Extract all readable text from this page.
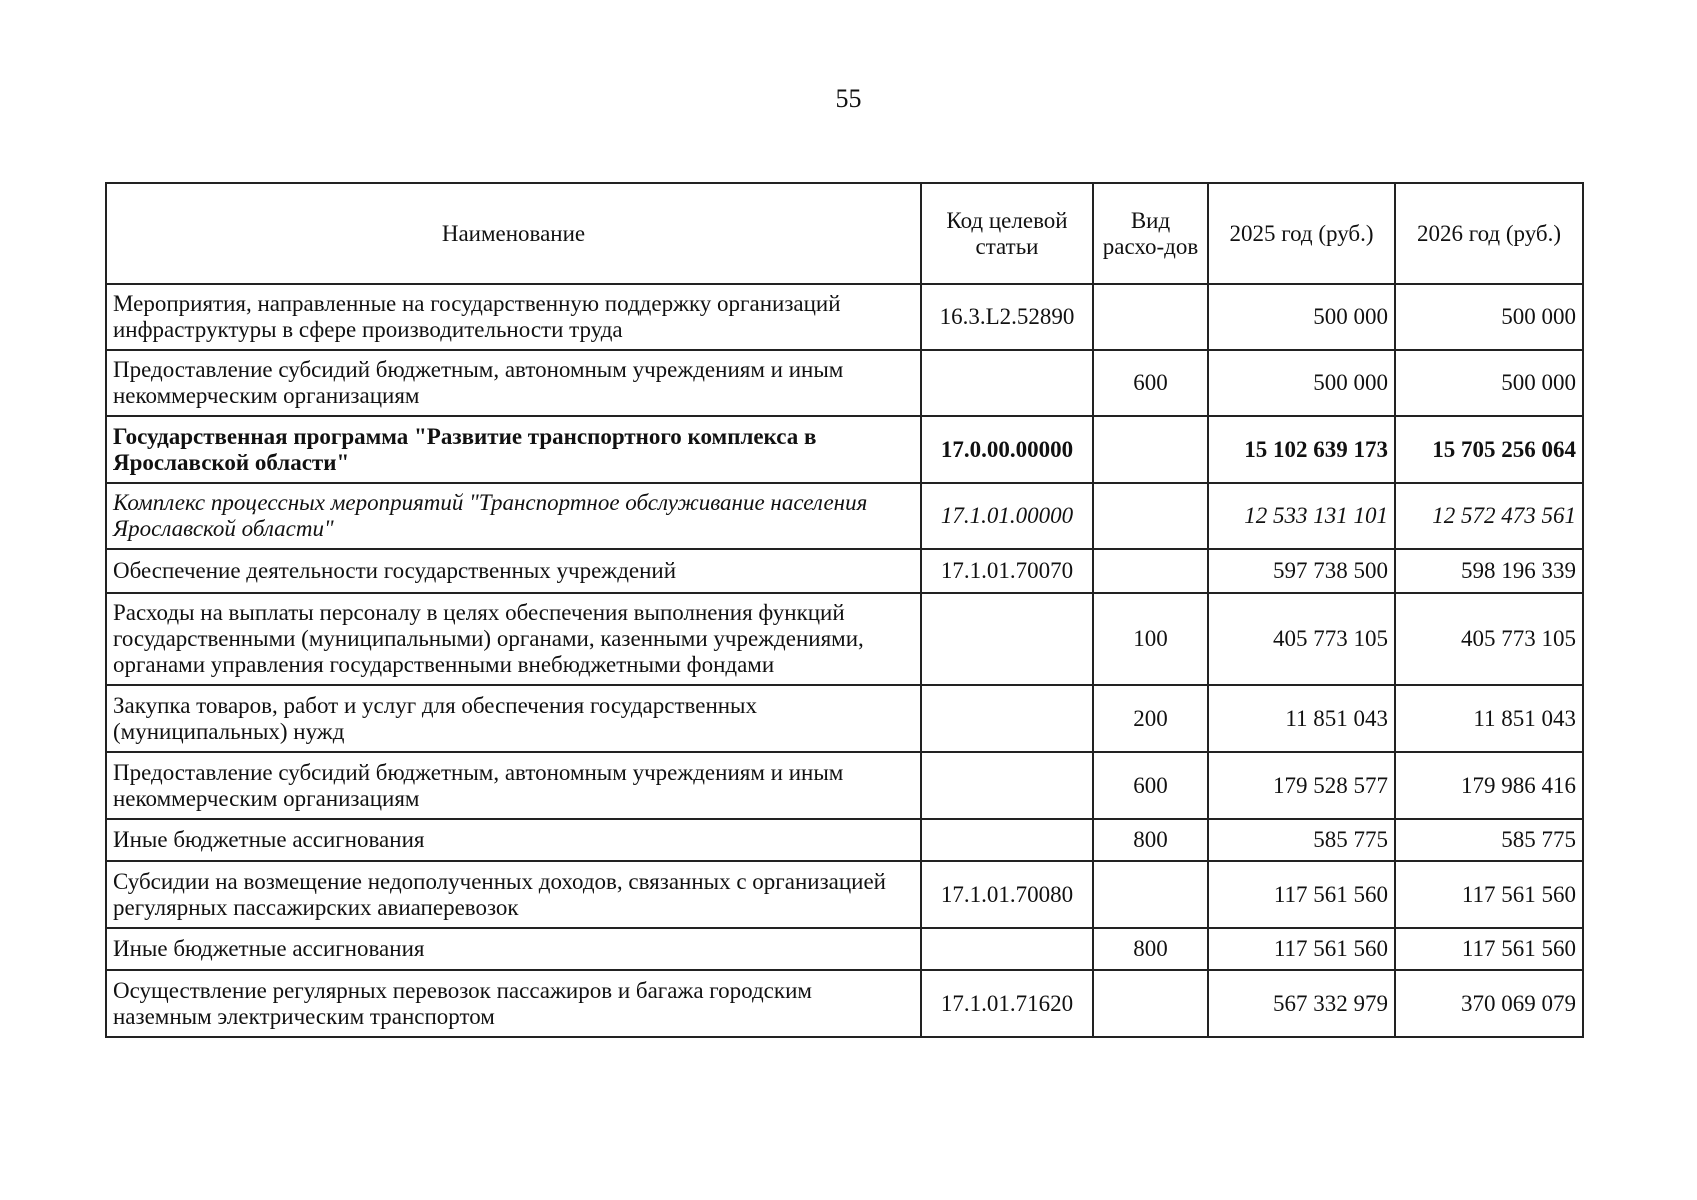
55
Наименование	Код целевой статьи	Вид расхо-дов	2025 год (руб.)	2026 год (руб.)
Мероприятия, направленные на государственную поддержку организаций инфраструктуры в сфере производительности труда	16.3.L2.52890		500 000	500 000
Предоставление субсидий бюджетным, автономным учреждениям и иным некоммерческим организациям		600	500 000	500 000
Государственная программа "Развитие транспортного комплекса в Ярославской области"	17.0.00.00000		15 102 639 173	15 705 256 064
Комплекс процессных мероприятий "Транспортное обслуживание населения Ярославской области"	17.1.01.00000		12 533 131 101	12 572 473 561
Обеспечение деятельности государственных учреждений	17.1.01.70070		597 738 500	598 196 339
Расходы на выплаты персоналу в целях обеспечения выполнения функций государственными (муниципальными) органами, казенными учреждениями, органами управления государственными внебюджетными фондами		100	405 773 105	405 773 105
Закупка товаров, работ и услуг для обеспечения государственных (муниципальных) нужд		200	11 851 043	11 851 043
Предоставление субсидий бюджетным, автономным учреждениям и иным некоммерческим организациям		600	179 528 577	179 986 416
Иные бюджетные ассигнования		800	585 775	585 775
Субсидии на возмещение недополученных доходов, связанных с организацией регулярных пассажирских авиаперевозок	17.1.01.70080		117 561 560	117 561 560
Иные бюджетные ассигнования		800	117 561 560	117 561 560
Осуществление регулярных перевозок пассажиров и багажа городским наземным электрическим транспортом	17.1.01.71620		567 332 979	370 069 079
